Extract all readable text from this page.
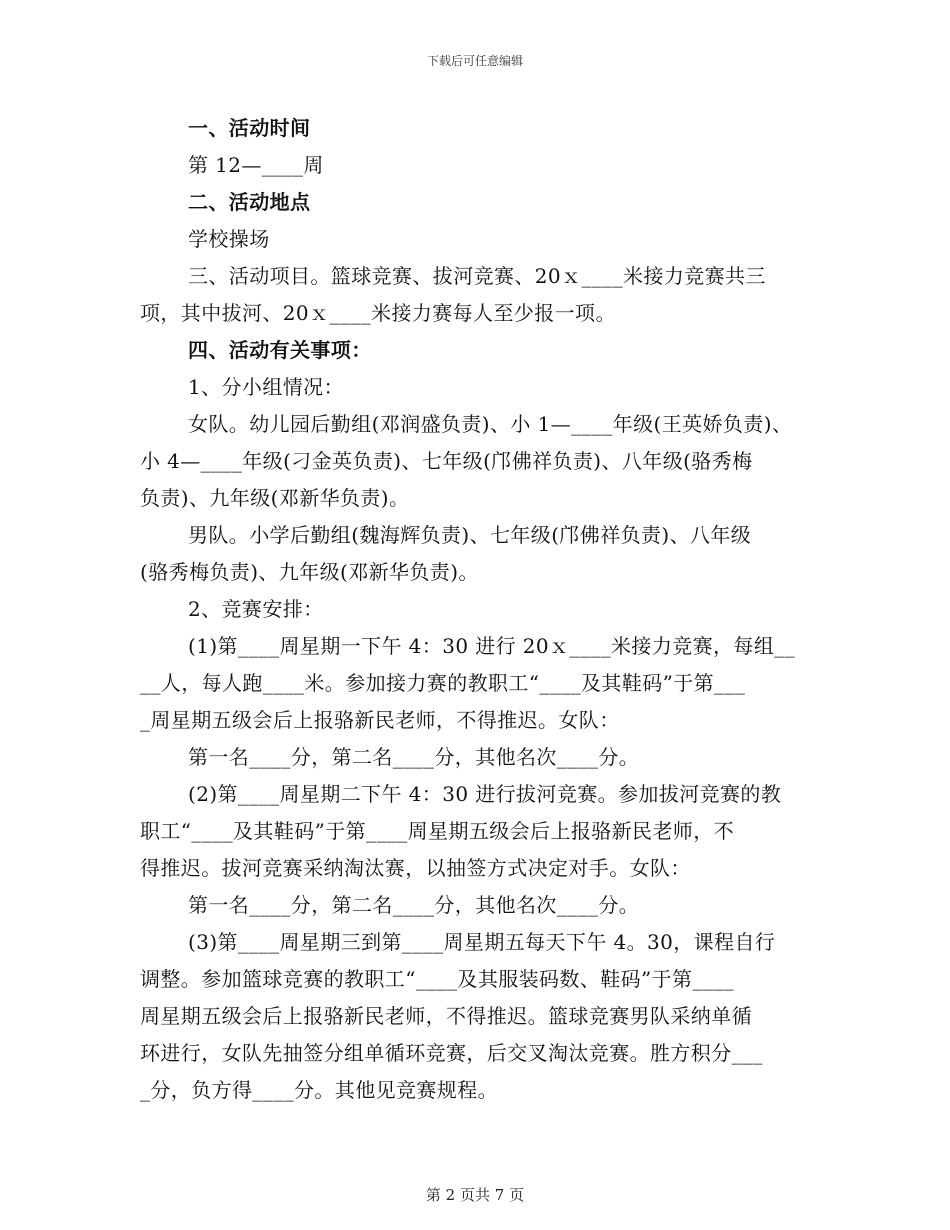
下载后可任意编辑
一、活动时间
第 12—____周
二、活动地点
学校操场
三、活动项目。篮球竞赛、拔河竞赛、20ｘ____米接力竞赛共三
项，其中拔河、20ｘ____米接力赛每人至少报一项。
四、活动有关事项：
1、分小组情况：
女队。幼儿园后勤组(邓润盛负责)、小 1—____年级(王英娇负责)、
小 4—____年级(刁金英负责)、七年级(邝佛祥负责)、八年级(骆秀梅
负责)、九年级(邓新华负责)。
男队。小学后勤组(魏海辉负责)、七年级(邝佛祥负责)、八年级
(骆秀梅负责)、九年级(邓新华负责)。
2、竞赛安排：
(1)第____周星期一下午 4：30 进行 20ｘ____米接力竞赛，每组__
__人，每人跑____米。参加接力赛的教职工“____及其鞋码”于第___
_周星期五级会后上报骆新民老师，不得推迟。女队：
第一名____分，第二名____分，其他名次____分。
(2)第____周星期二下午 4：30 进行拔河竞赛。参加拔河竞赛的教
职工“____及其鞋码”于第____周星期五级会后上报骆新民老师，不
得推迟。拔河竞赛采纳淘汰赛，以抽签方式决定对手。女队：
第一名____分，第二名____分，其他名次____分。
(3)第____周星期三到第____周星期五每天下午 4。30，课程自行
调整。参加篮球竞赛的教职工“____及其服装码数、鞋码”于第____
周星期五级会后上报骆新民老师，不得推迟。篮球竞赛男队采纳单循
环进行，女队先抽签分组单循环竞赛，后交叉淘汰竞赛。胜方积分___
_分，负方得____分。其他见竞赛规程。
第 2 页共 7 页
